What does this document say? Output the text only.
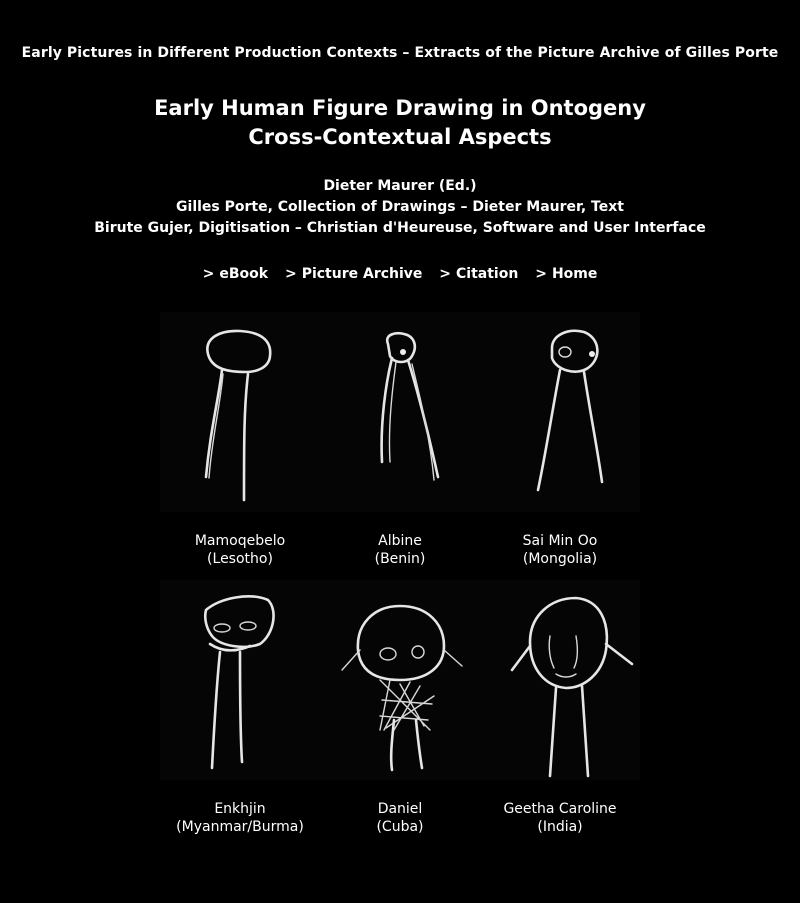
Early Pictures in Different Production Contexts – Extracts of the Picture Archive of Gilles Porte
Early Human Figure Drawing in Ontogeny
Cross-Contextual Aspects
Dieter Maurer (Ed.)
Gilles Porte, Collection of Drawings – Dieter Maurer, Text
Birute Gujer, Digitisation – Christian d'Heureuse, Software and User Interface
> eBook > Picture Archive > Citation > Home
Mamoqebelo
(Lesotho)
Albine
(Benin)
Sai Min Oo
(Mongolia)
Enkhjin
(Myanmar/Burma)
Daniel
(Cuba)
Geetha Caroline
(India)
